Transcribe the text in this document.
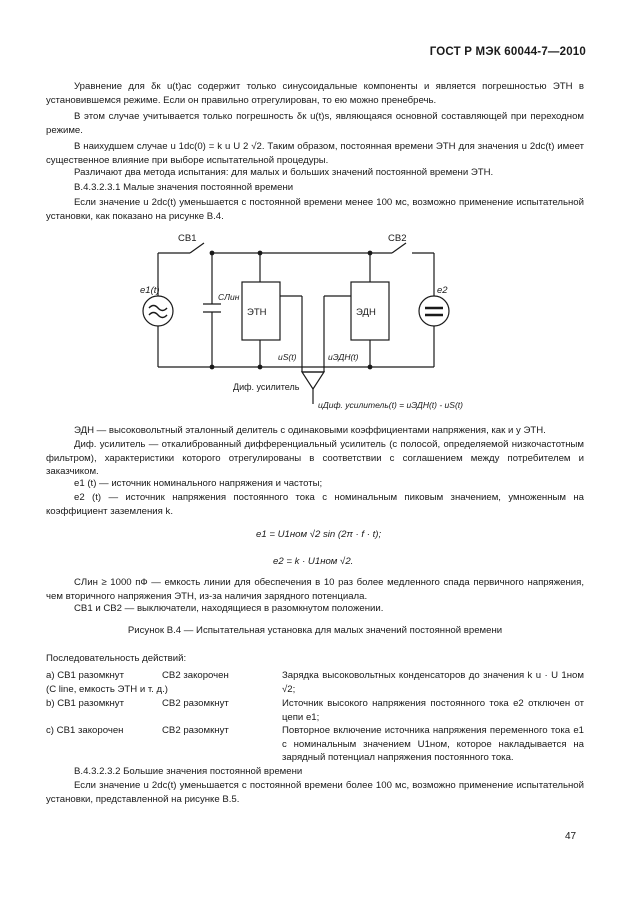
ГОСТ Р МЭК 60044-7—2010
Уравнение для δк u(t)ac содержит только синусоидальные компоненты и является погрешностью ЭТН в установившемся режиме. Если он правильно отрегулирован, то ею можно пренебречь.
В этом случае учитывается только погрешность δк u(t)s, являющаяся основной составляющей при переходном режиме.
В наихудшем случае u 1dc(0) = k u U 2 √2. Таким образом, постоянная времени ЭТН для значения u 2dc(t) имеет существенное влияние при выборе испытательной процедуры.
Различают два метода испытания: для малых и больших значений постоянной времени ЭТН.
В.4.3.2.3.1 Малые значения постоянной времени
Если значение u 2dc(t) уменьшается с постоянной времени менее 100 мс, возможно применение испытательной установки, как показано на рисунке В.4.
СВ1	СВ2
e1(t)
CЛин
ЭТН	ЭДН
e2
uS(t)	uЭДН(t)
Диф. усилитель
uДиф. усилитель(t) = uЭДН(t) - uS(t)
ЭДН — высоковольтный эталонный делитель с одинаковыми коэффициентами напряжения, как и у ЭТН.
Диф. усилитель — откалиброванный дифференциальный усилитель (с полосой, определяемой низкочастотным фильтром), характеристики которого отрегулированы в соответствии с соглашением между потребителем и заказчиком.
e1 (t) — источник номинального напряжения и частоты;
e2 (t) — источник напряжения постоянного тока с номинальным пиковым значением, умноженным на коэффициент заземления k.
e1 = U1ном √2 sin (2π · f · t);
e2 = k · U1ном √2.
CЛин ≥ 1000 пФ — емкость линии для обеспечения в 10 раз более медленного спада первичного напряжения, чем вторичного напряжения ЭТН, из-за наличия зарядного потенциала.
СВ1 и СВ2 — выключатели, находящиеся в разомкнутом положении.
Рисунок В.4 — Испытательная установка для малых значений постоянной времени
Последовательность действий:
a) СВ1 разомкнут	СВ2 закорочен	Зарядка высоковольтных конденсаторов до значения k u · U 1ном √2;
(C line, емкость ЭТН и т. д.)
b) СВ1 разомкнут	СВ2 разомкнут	Источник высокого напряжения постоянного тока e2 отключен от цепи e1;
c) СВ1 закорочен	СВ2 разомкнут	Повторное включение источника напряжения переменного тока e1 с номинальным значением U1ном, которое накладывается на зарядный потенциал напряжения постоянного тока.
В.4.3.2.3.2 Большие значения постоянной времени
Если значение u 2dc(t) уменьшается с постоянной времени более 100 мс, возможно применение испытательной установки, представленной на рисунке В.5.
47
